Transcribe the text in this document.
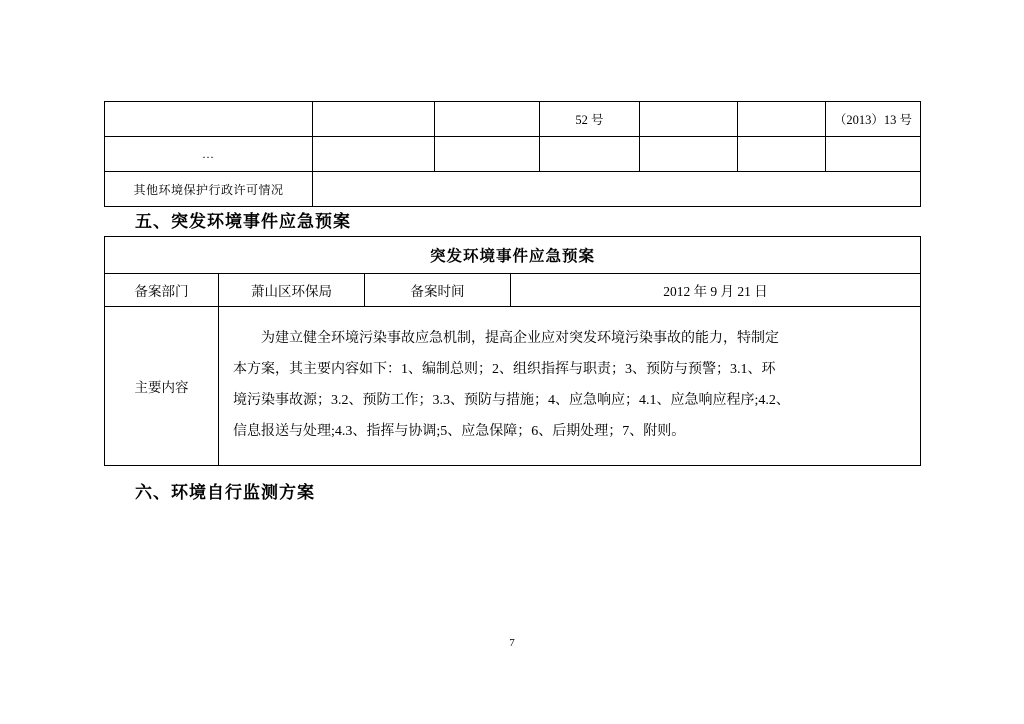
			52 号			（2013）13 号
...						
其他环境保护行政许可情况						
五、突发环境事件应急预案
突发环境事件应急预案			
备案部门	萧山区环保局	备案时间	2012 年 9 月 21 日
主要内容	为建立健全环境污染事故应急机制，提高企业应对突发环境污染事故的能力，特制定

本方案，其主要内容如下：1、编制总则；2、组织指挥与职责；3、预防与预警；3.1、环

境污染事故源；3.2、预防工作；3.3、预防与措施；4、应急响应；4.1、应急响应程序;4.2、

信息报送与处理;4.3、指挥与协调;5、应急保障；6、后期处理；7、附则。		

六、环境自行监测方案
7
